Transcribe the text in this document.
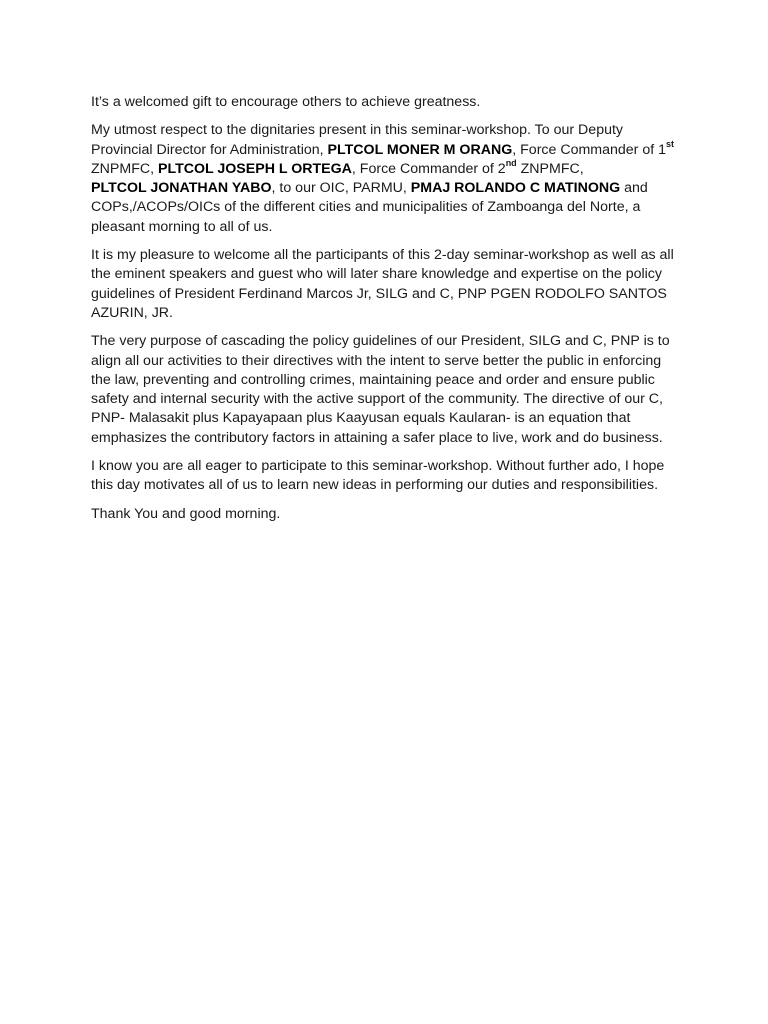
It’s a welcomed gift to encourage others to achieve greatness.

My utmost respect to the dignitaries present in this seminar-workshop. To our Deputy Provincial Director for Administration, PLTCOL MONER M ORANG, Force Commander of 1st ZNPMFC, PLTCOL JOSEPH L ORTEGA, Force Commander of 2nd ZNPMFC,
PLTCOL JONATHAN YABO, to our OIC, PARMU, PMAJ ROLANDO C MATINONG and COPs,/ACOPs/OICs of the different cities and municipalities of Zamboanga del Norte, a pleasant morning to all of us.

It is my pleasure to welcome all the participants of this 2-day seminar-workshop as well as all the eminent speakers and guest who will later share knowledge and expertise on the policy guidelines of President Ferdinand Marcos Jr, SILG and C, PNP PGEN RODOLFO SANTOS AZURIN, JR.

The very purpose of cascading the policy guidelines of our President, SILG and C, PNP is to align all our activities to their directives with the intent to serve better the public in enforcing the law, preventing and controlling crimes, maintaining peace and order and ensure public safety and internal security with the active support of the community. The directive of our C, PNP- Malasakit plus Kapayapaan plus Kaayusan equals Kaularan- is an equation that emphasizes the contributory factors in attaining a safer place to live, work and do business.

I know you are all eager to participate to this seminar-workshop. Without further ado, I hope this day motivates all of us to learn new ideas in performing our duties and responsibilities.

Thank You and good morning.
